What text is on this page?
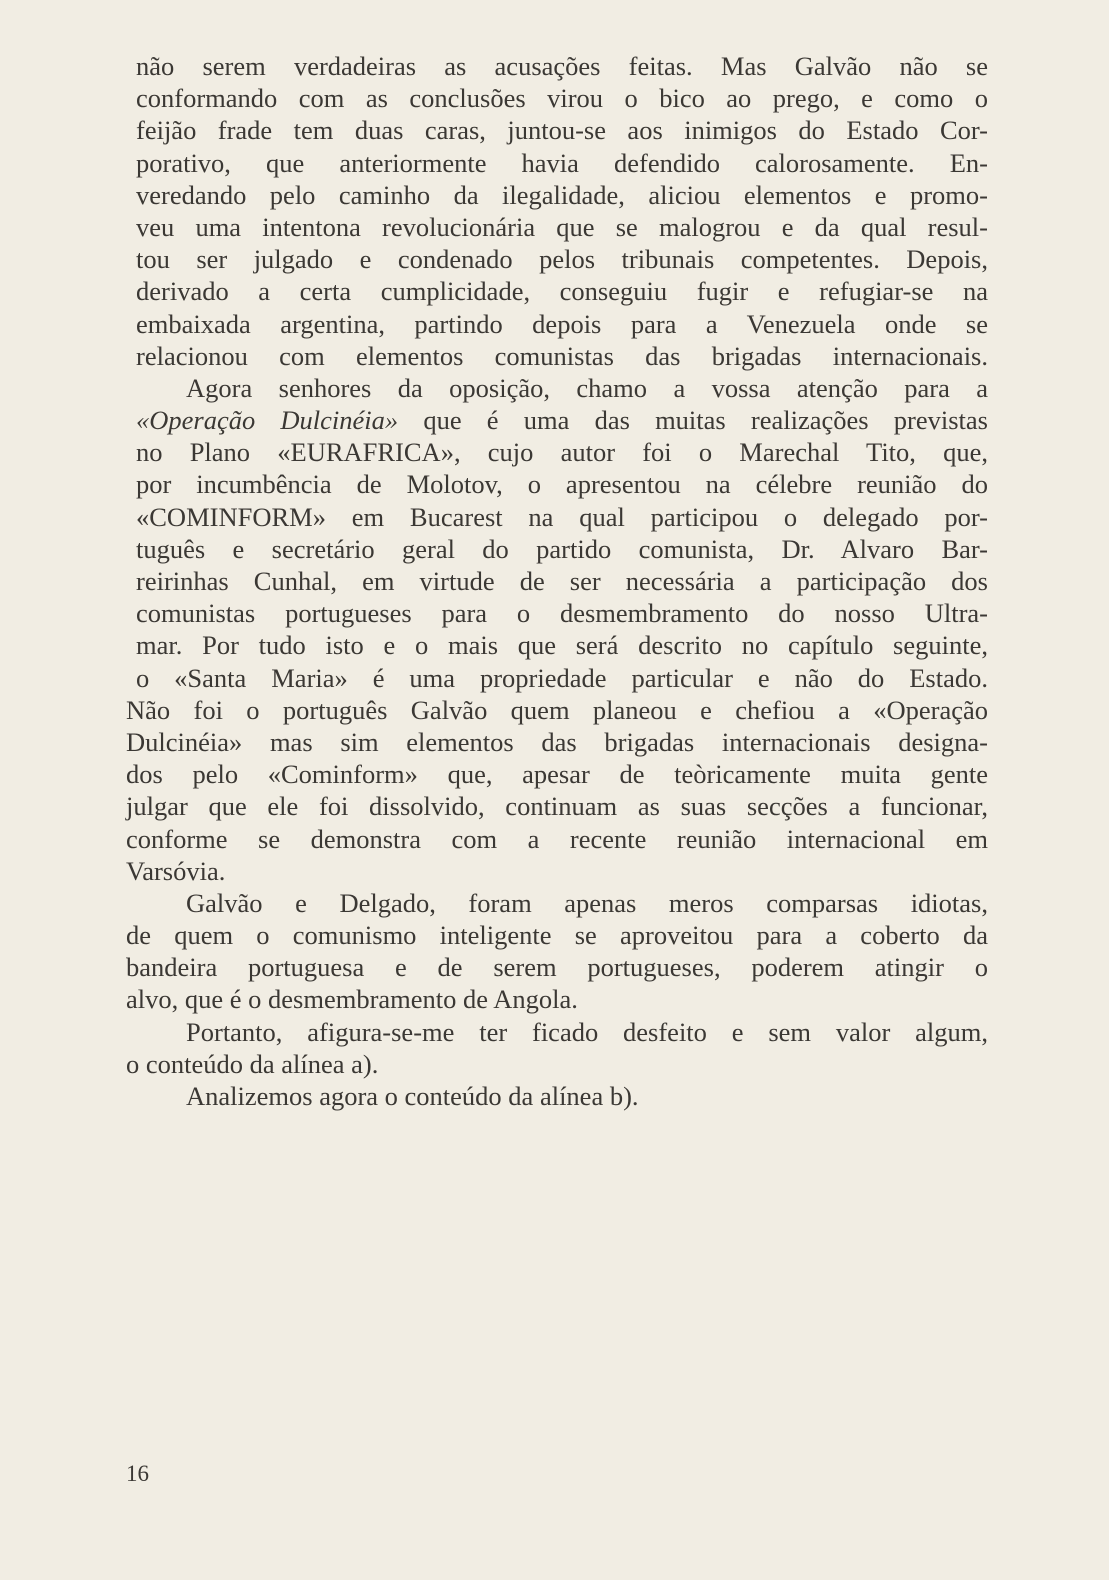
não serem verdadeiras as acusações feitas. Mas Galvão não se
conformando com as conclusões virou o bico ao prego, e como o
feijão frade tem duas caras, juntou-se aos inimigos do Estado Cor-
porativo, que anteriormente havia defendido calorosamente. En-
veredando pelo caminho da ilegalidade, aliciou elementos e promo-
veu uma intentona revolucionária que se malogrou e da qual resul-
tou ser julgado e condenado pelos tribunais competentes. Depois,
derivado a certa cumplicidade, conseguiu fugir e refugiar-se na
embaixada argentina, partindo depois para a Venezuela onde se
relacionou com elementos comunistas das brigadas internacionais.
Agora senhores da oposição, chamo a vossa atenção para a
«Operação Dulcinéia» que é uma das muitas realizações previstas
no Plano «EURAFRICA», cujo autor foi o Marechal Tito, que,
por incumbência de Molotov, o apresentou na célebre reunião do
«COMINFORM» em Bucarest na qual participou o delegado por-
tuguês e secretário geral do partido comunista, Dr. Alvaro Bar-
reirinhas Cunhal, em virtude de ser necessária a participação dos
comunistas portugueses para o desmembramento do nosso Ultra-
mar. Por tudo isto e o mais que será descrito no capítulo seguinte,
o «Santa Maria» é uma propriedade particular e não do Estado.
Não foi o português Galvão quem planeou e chefiou a «Operação
Dulcinéia» mas sim elementos das brigadas internacionais designa-
dos pelo «Cominform» que, apesar de teòricamente muita gente
julgar que ele foi dissolvido, continuam as suas secções a funcionar,
conforme se demonstra com a recente reunião internacional em
Varsóvia.
Galvão e Delgado, foram apenas meros comparsas idiotas,
de quem o comunismo inteligente se aproveitou para a coberto da
bandeira portuguesa e de serem portugueses, poderem atingir o
alvo, que é o desmembramento de Angola.
Portanto, afigura-se-me ter ficado desfeito e sem valor algum,
o conteúdo da alínea a).
Analizemos agora o conteúdo da alínea b).
16
